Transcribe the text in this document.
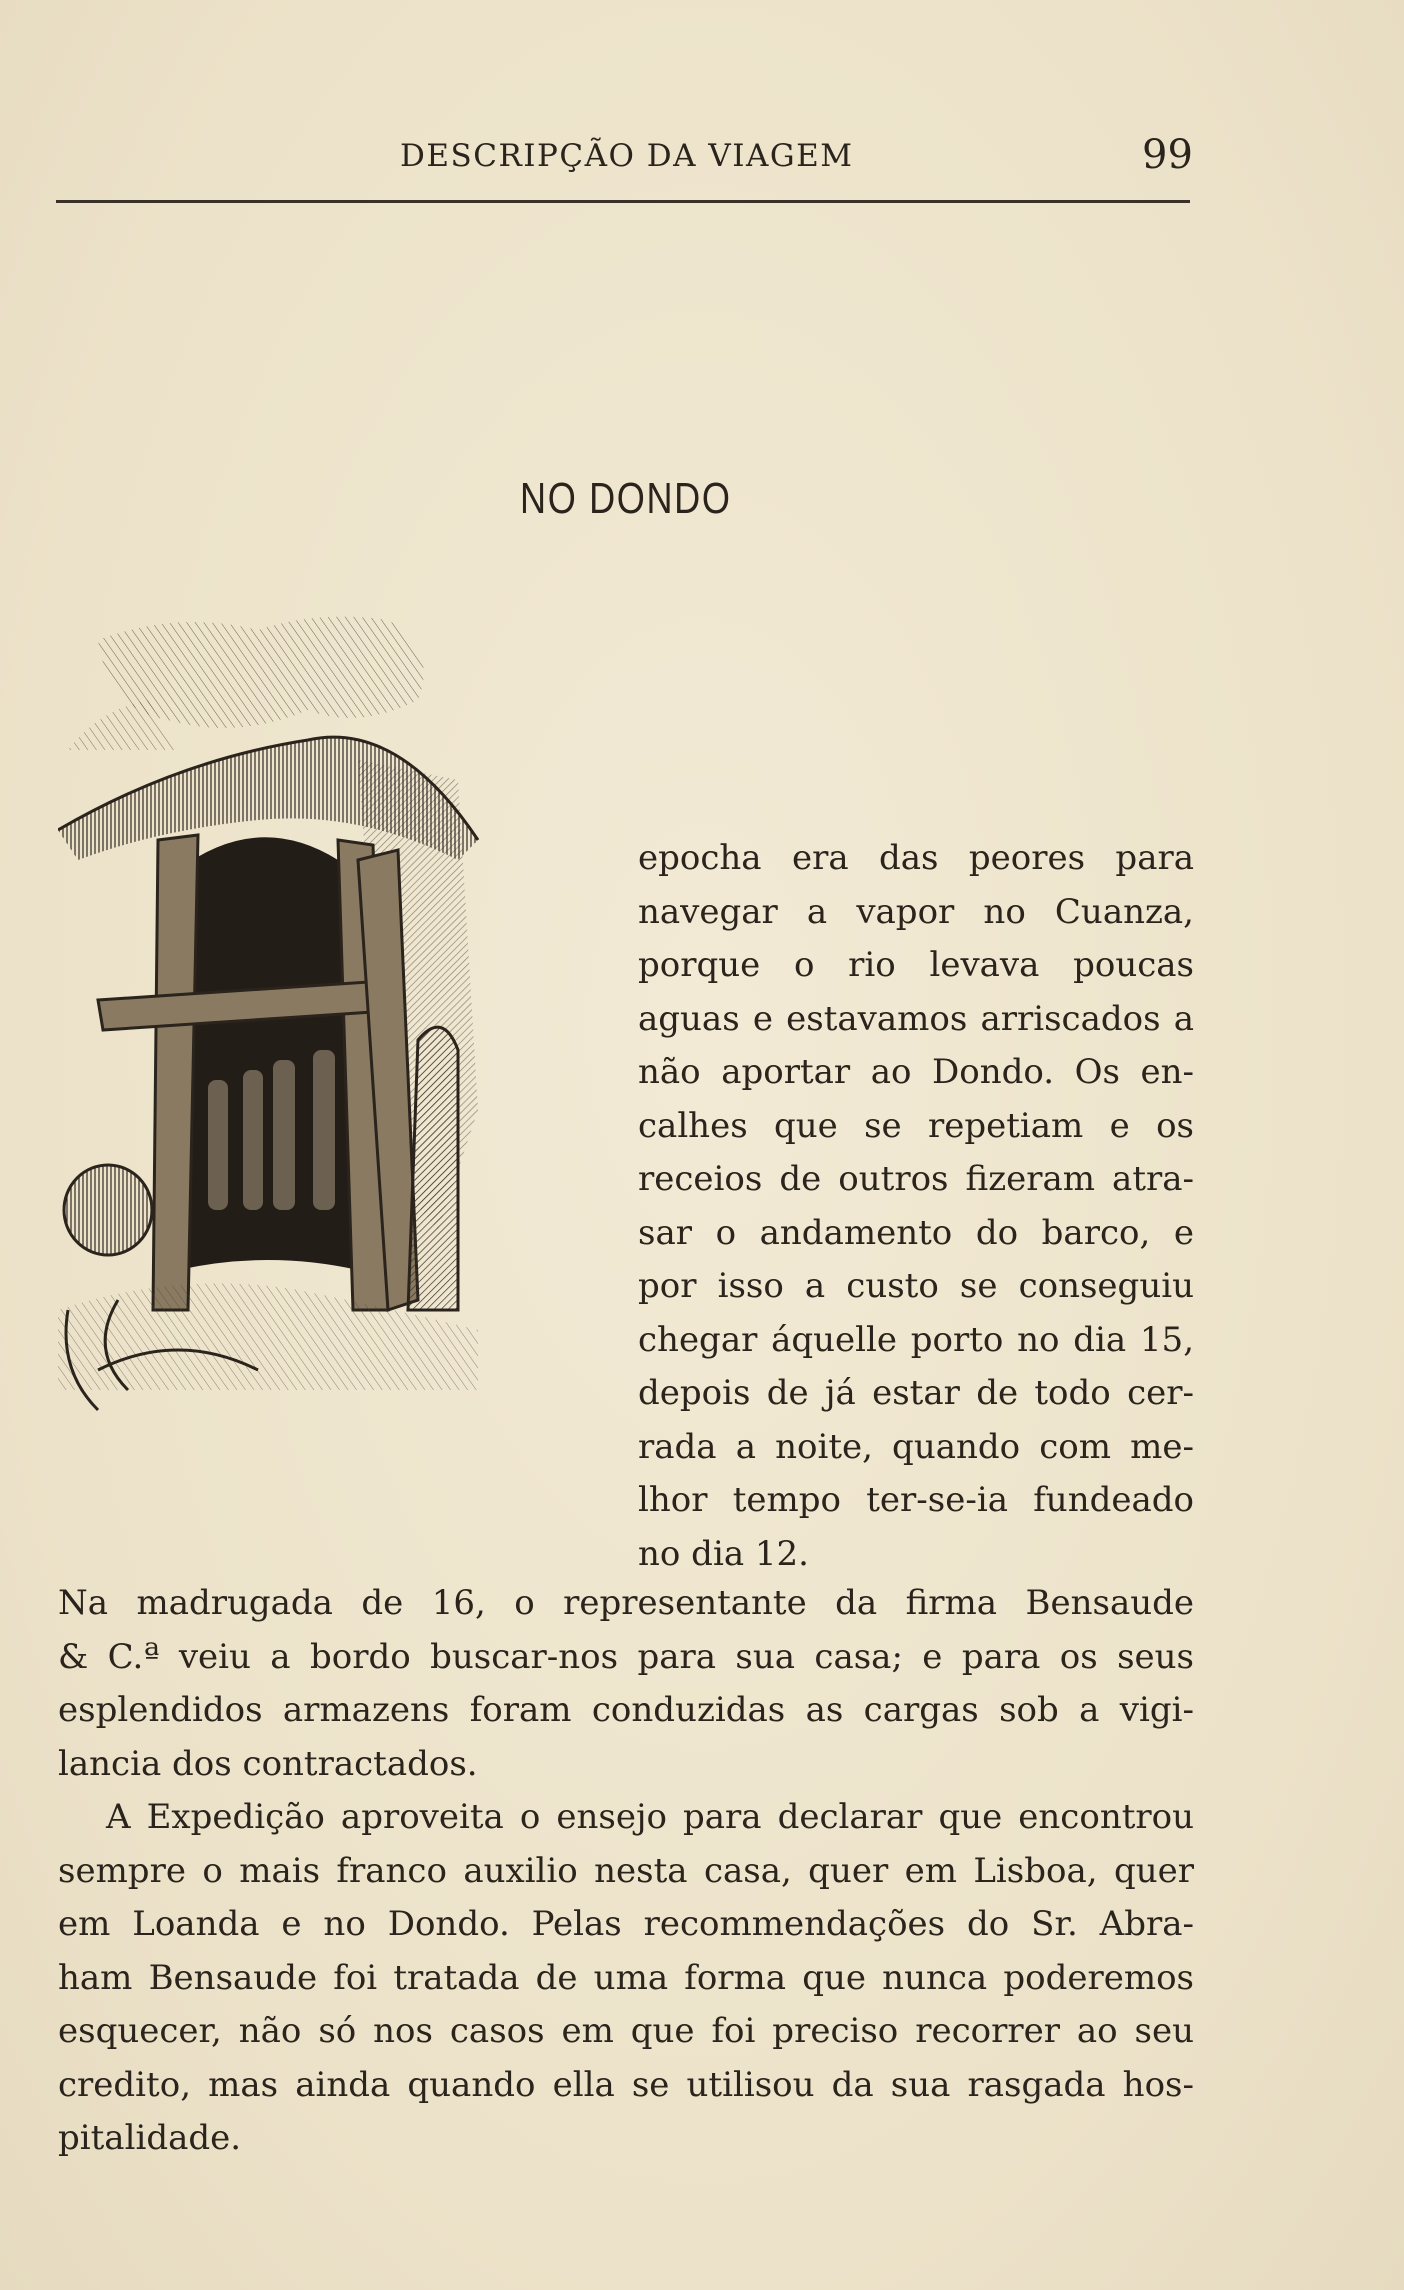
DESCRIPÇÃO DA VIAGEM	99
NO DONDO
epocha era das peores para
navegar a vapor no Cuanza,
porque o rio levava poucas
aguas e estavamos arriscados a
não aportar ao Dondo. Os en-
calhes que se repetiam e os
receios de outros fizeram atra-
sar o andamento do barco, e
por isso a custo se conseguiu
chegar áquelle porto no dia 15,
depois de já estar de todo cer-
rada a noite, quando com me-
lhor tempo ter-se-ia fundeado
no dia 12.
Na madrugada de 16, o representante da firma Bensaude
& C.ª veiu a bordo buscar-nos para sua casa; e para os seus
esplendidos armazens foram conduzidas as cargas sob a vigi-
lancia dos contractados.
A Expedição aproveita o ensejo para declarar que encontrou
sempre o mais franco auxilio nesta casa, quer em Lisboa, quer
em Loanda e no Dondo. Pelas recommendações do Sr. Abra-
ham Bensaude foi tratada de uma forma que nunca poderemos
esquecer, não só nos casos em que foi preciso recorrer ao seu
credito, mas ainda quando ella se utilisou da sua rasgada hos-
pitalidade.
